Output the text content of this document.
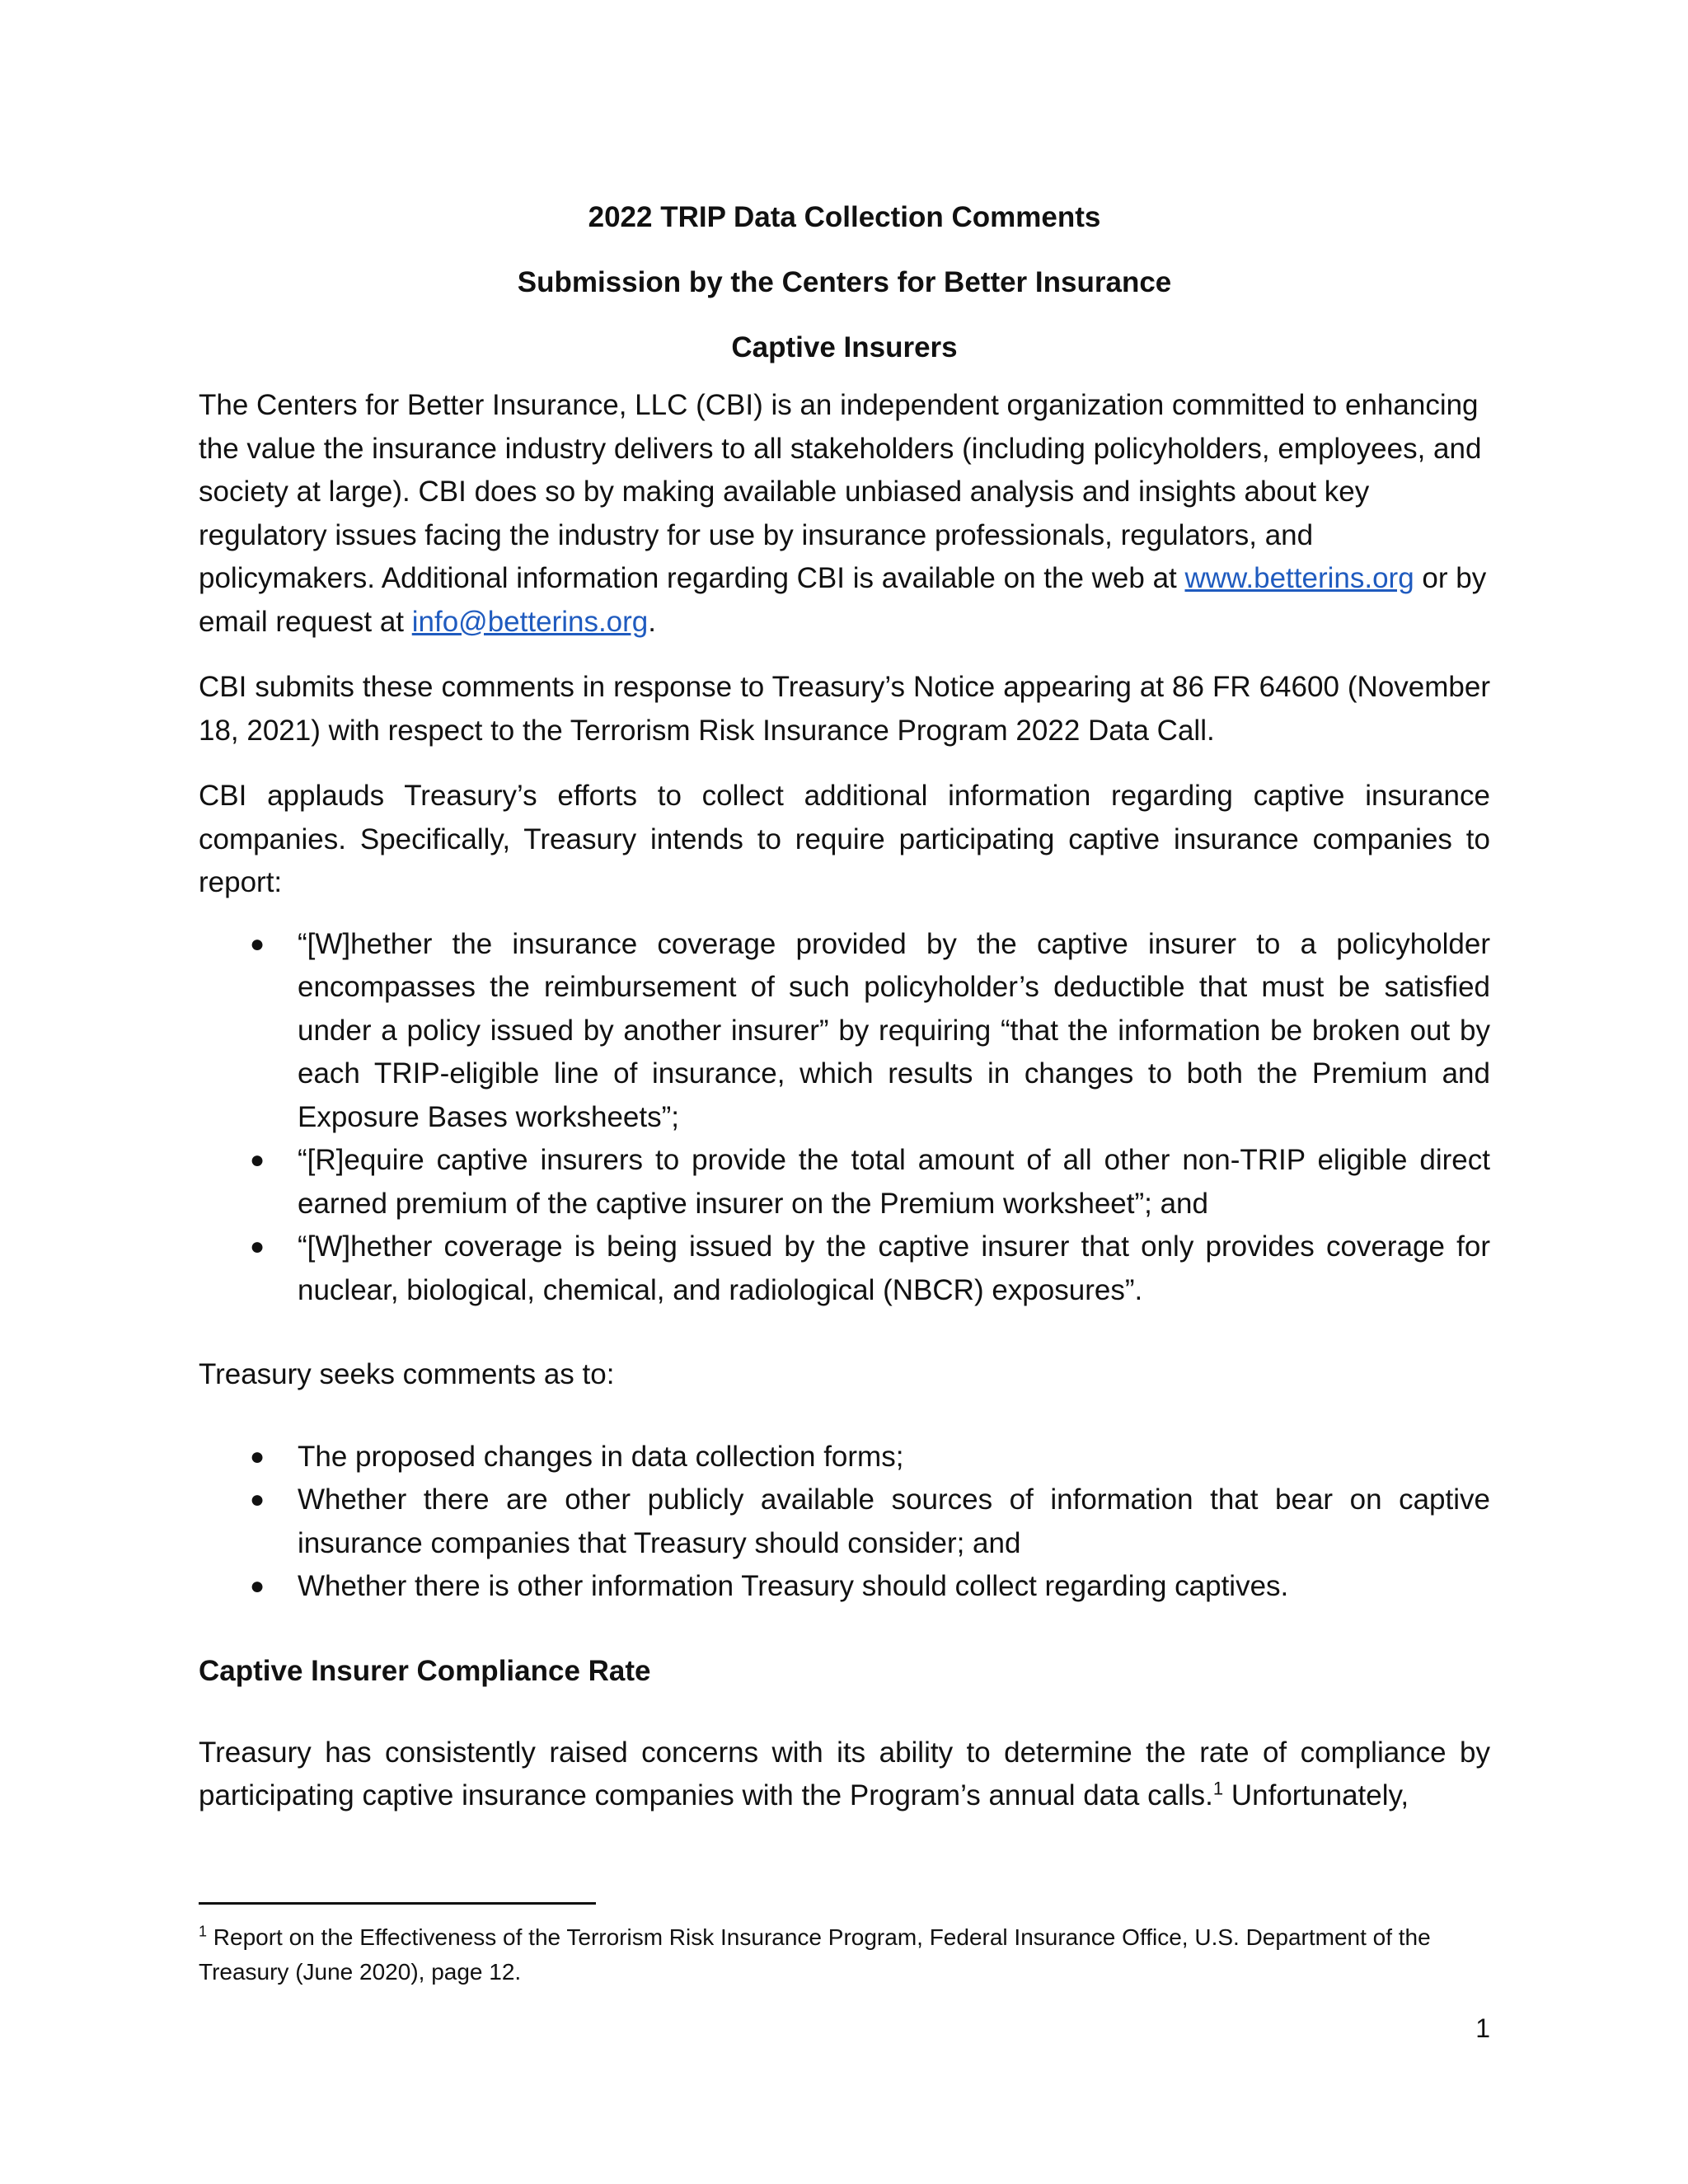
2022 TRIP Data Collection Comments
Submission by the Centers for Better Insurance
Captive Insurers

The Centers for Better Insurance, LLC (CBI) is an independent organization committed to enhancing the value the insurance industry delivers to all stakeholders (including policyholders, employees, and society at large). CBI does so by making available unbiased analysis and insights about key regulatory issues facing the industry for use by insurance professionals, regulators, and policymakers. Additional information regarding CBI is available on the web at www.betterins.org or by email request at info@betterins.org.

CBI submits these comments in response to Treasury’s Notice appearing at 86 FR 64600 (November 18, 2021) with respect to the Terrorism Risk Insurance Program 2022 Data Call.

CBI applauds Treasury’s efforts to collect additional information regarding captive insurance companies. Specifically, Treasury intends to require participating captive insurance companies to report:

● “[W]hether the insurance coverage provided by the captive insurer to a policyholder encompasses the reimbursement of such policyholder’s deductible that must be satisfied under a policy issued by another insurer” by requiring “that the information be broken out by each TRIP-eligible line of insurance, which results in changes to both the Premium and Exposure Bases worksheets”;
● “[R]equire captive insurers to provide the total amount of all other non-TRIP eligible direct earned premium of the captive insurer on the Premium worksheet”; and
● “[W]hether coverage is being issued by the captive insurer that only provides coverage for nuclear, biological, chemical, and radiological (NBCR) exposures”.

Treasury seeks comments as to:

● The proposed changes in data collection forms;
● Whether there are other publicly available sources of information that bear on captive insurance companies that Treasury should consider; and
● Whether there is other information Treasury should collect regarding captives.
Captive Insurer Compliance Rate

Treasury has consistently raised concerns with its ability to determine the rate of compliance by participating captive insurance companies with the Program’s annual data calls.$^1$ Unfortunately,

$^1$ Report on the Effectiveness of the Terrorism Risk Insurance Program, Federal Insurance Office, U.S. Department of the Treasury (June 2020), page 12.
1
